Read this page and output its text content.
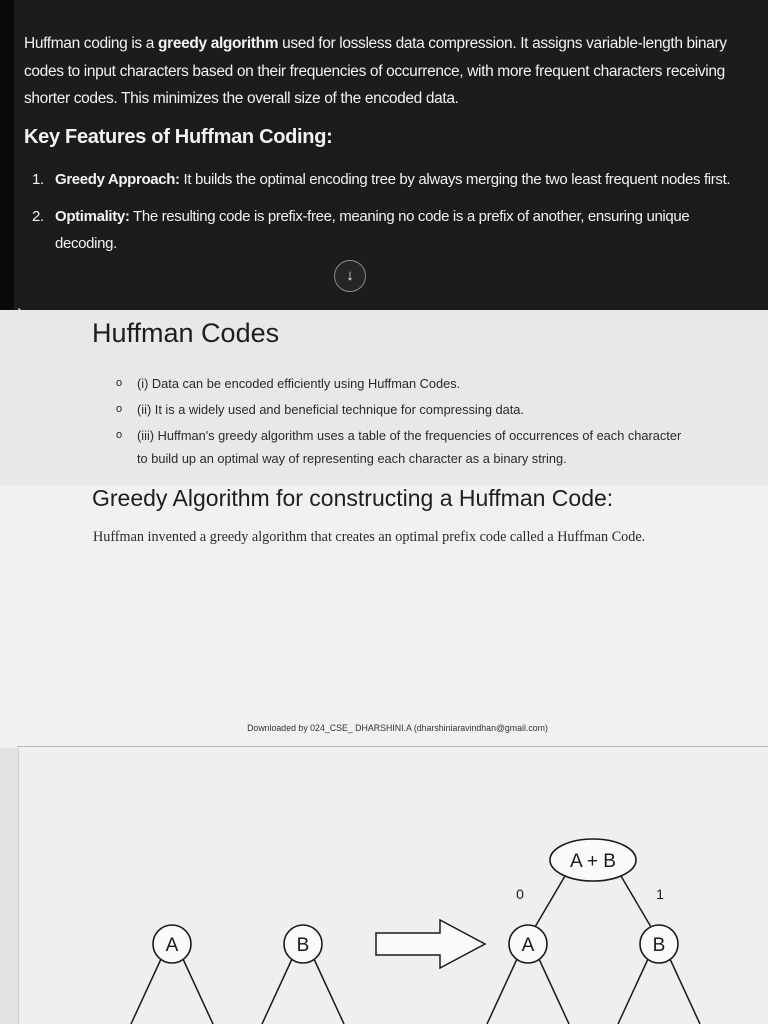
Huffman coding is a greedy algorithm used for lossless data compression. It assigns variable-length binary codes to input characters based on their frequencies of occurrence, with more frequent characters receiving shorter codes. This minimizes the overall size of the encoded data.
Key Features of Huffman Coding:
1. Greedy Approach: It builds the optimal encoding tree by always merging the two least frequent nodes first.
2. Optimality: The resulting code is prefix-free, meaning no code is a prefix of another, ensuring unique decoding.
↓
Huffman Codes
o (i) Data can be encoded efficiently using Huffman Codes.
o (ii) It is a widely used and beneficial technique for compressing data.
o (iii) Huffman's greedy algorithm uses a table of the frequencies of occurrences of each character to build up an optimal way of representing each character as a binary string.
Greedy Algorithm for constructing a Huffman Code:
Huffman invented a greedy algorithm that creates an optimal prefix code called a Huffman Code.
Downloaded by 024_CSE_ DHARSHINI.A (dharshiniaravindhan@gmail.com)
A	B
A + B
0	1
A	B
